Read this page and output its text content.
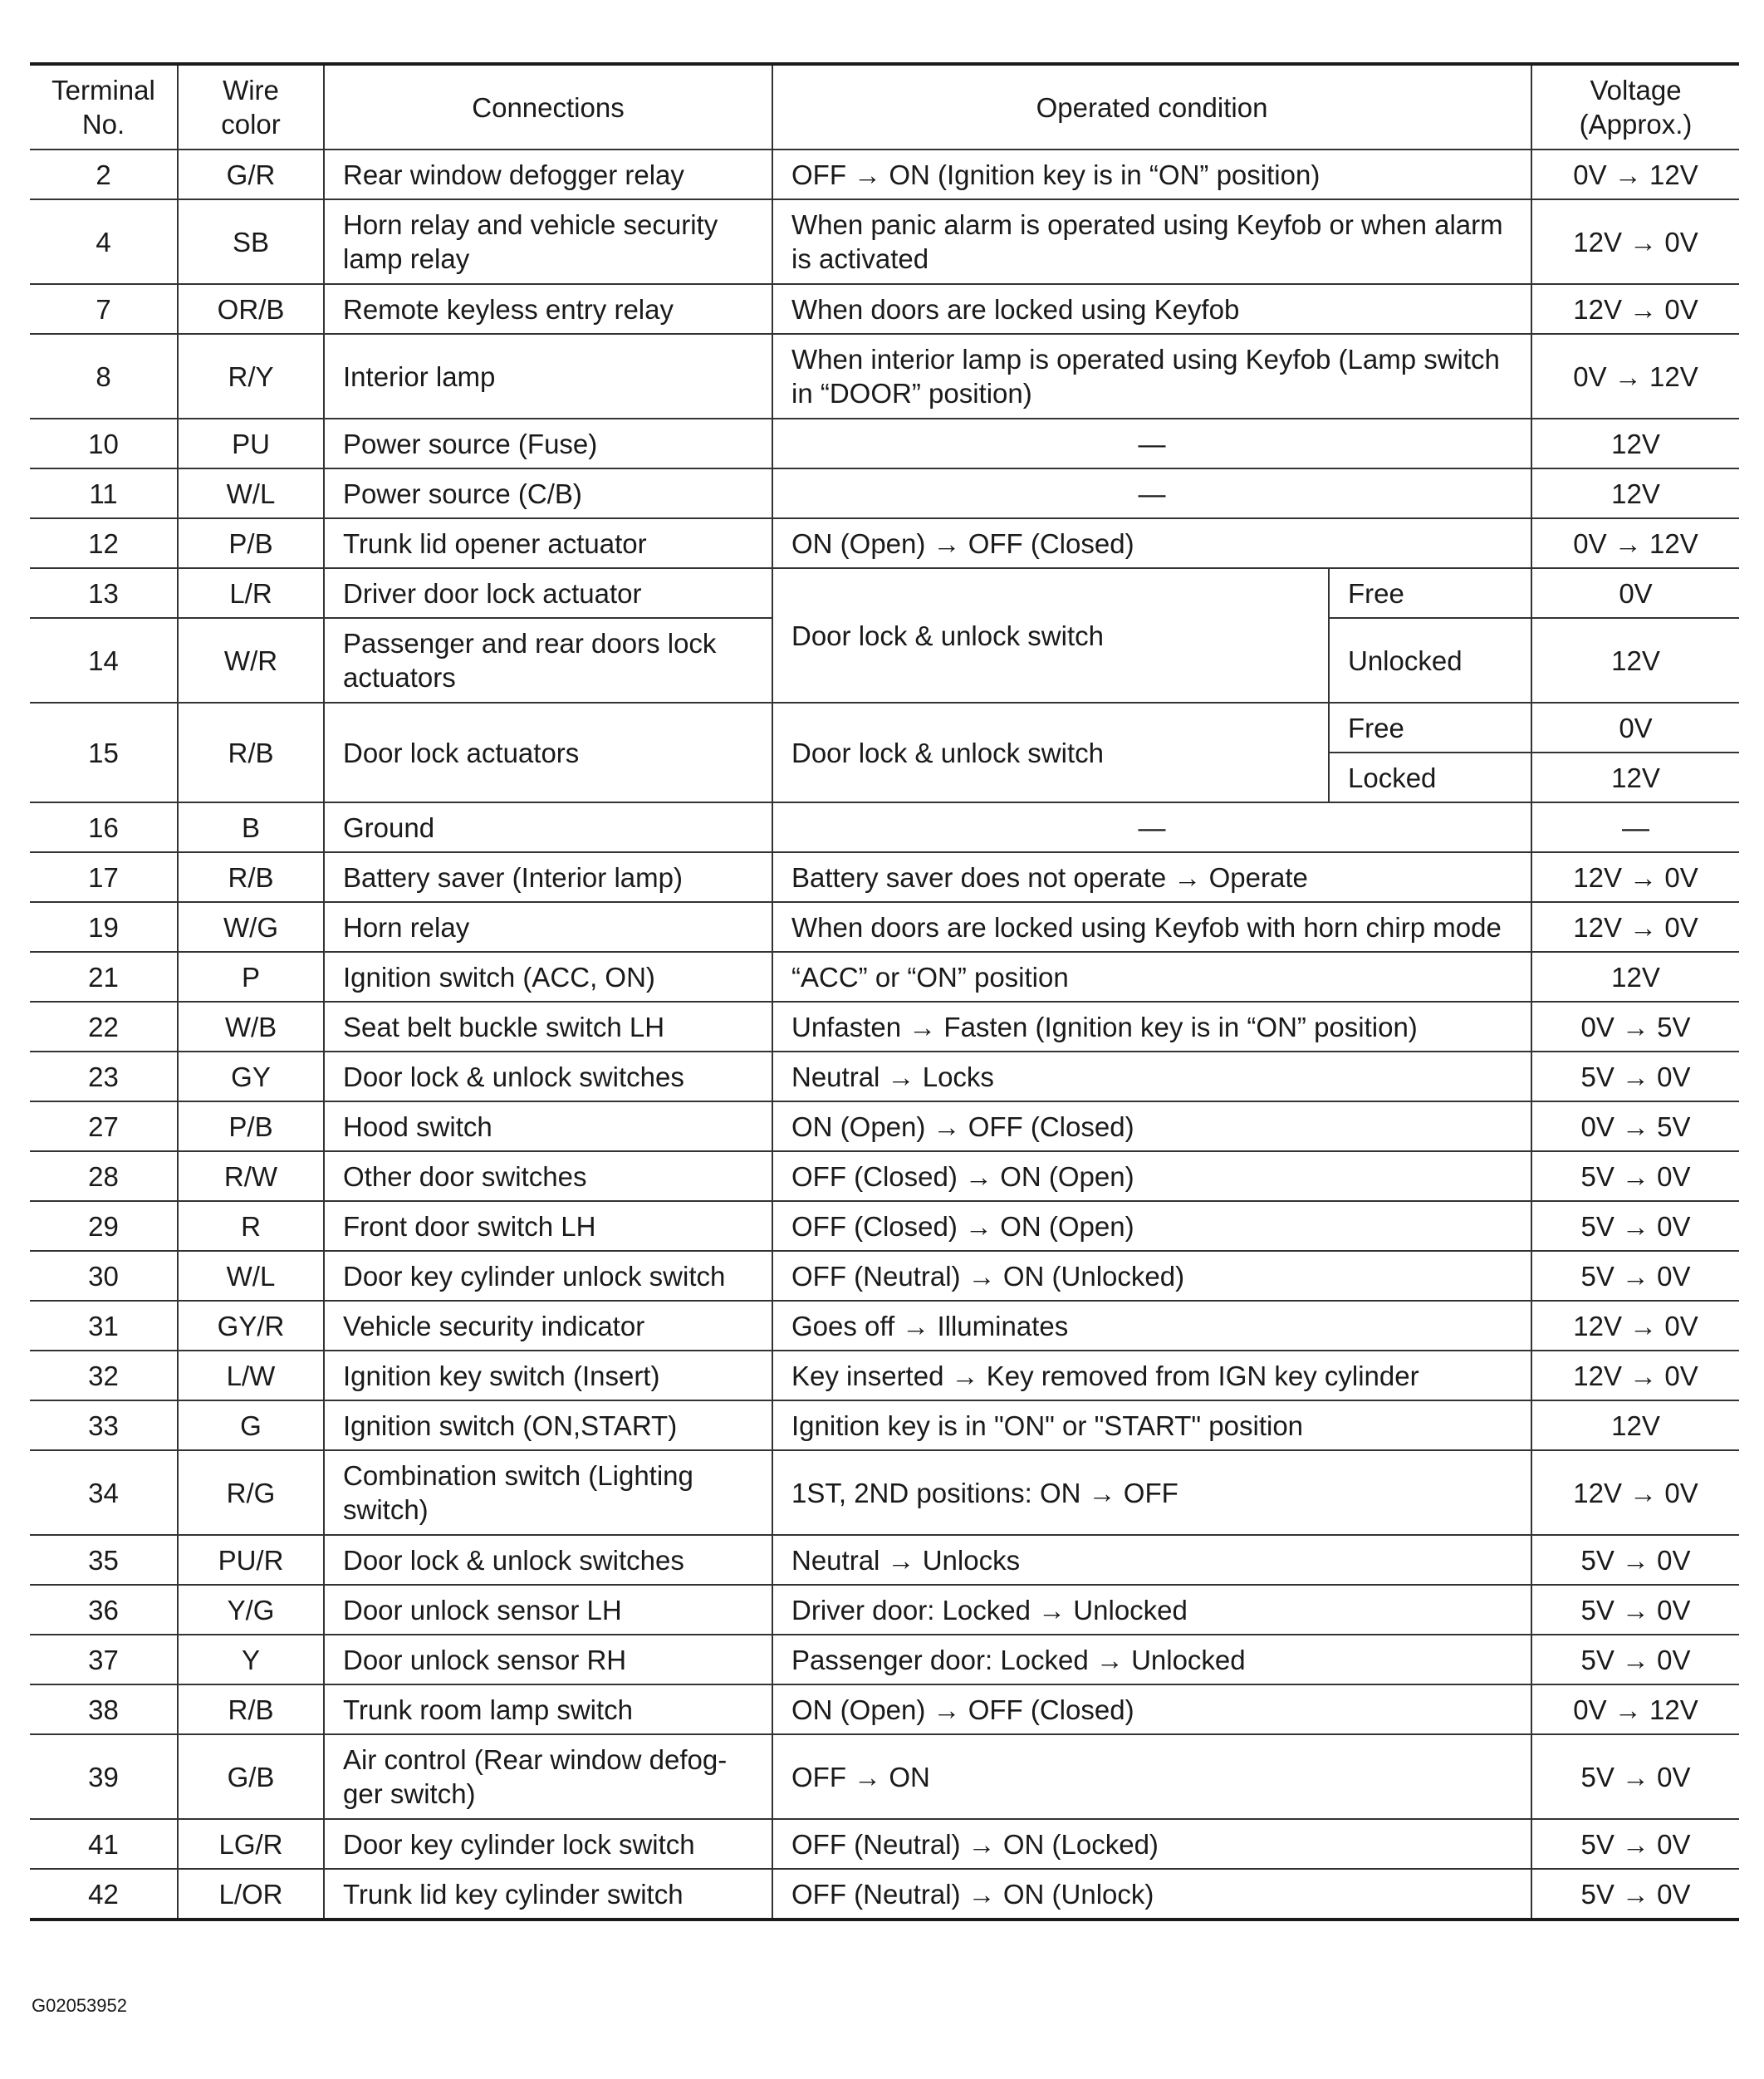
Terminal
No.	Wire
color	Connections	Operated condition		Voltage
(Approx.)
2	G/R	Rear window defogger relay	OFF → ON (Ignition key is in “ON” position)		0V → 12V
4	SB	Horn relay and vehicle security lamp relay	When panic alarm is operated using Keyfob or when alarm is activated		12V → 0V
7	OR/B	Remote keyless entry relay	When doors are locked using Keyfob		12V → 0V
8	R/Y	Interior lamp	When interior lamp is operated using Keyfob (Lamp switch in “DOOR” position)		0V → 12V
10	PU	Power source (Fuse)	—		12V
11	W/L	Power source (C/B)	—		12V
12	P/B	Trunk lid opener actuator	ON (Open) → OFF (Closed)		0V → 12V
13	L/R	Driver door lock actuator	Door lock & unlock switch	Free	0V
14	W/R	Passenger and rear doors lock actuators		Unlocked	12V
15	R/B	Door lock actuators	Door lock & unlock switch	Free	0V
				Locked	12V
16	B	Ground	—		—
17	R/B	Battery saver (Interior lamp)	Battery saver does not operate → Operate		12V → 0V
19	W/G	Horn relay	When doors are locked using Keyfob with horn chirp mode		12V → 0V
21	P	Ignition switch (ACC, ON)	“ACC” or “ON” position		12V
22	W/B	Seat belt buckle switch LH	Unfasten → Fasten (Ignition key is in “ON” position)		0V → 5V
23	GY	Door lock & unlock switches	Neutral → Locks		5V → 0V
27	P/B	Hood switch	ON (Open) → OFF (Closed)		0V → 5V
28	R/W	Other door switches	OFF (Closed) → ON (Open)		5V → 0V
29	R	Front door switch LH	OFF (Closed) → ON (Open)		5V → 0V
30	W/L	Door key cylinder unlock switch	OFF (Neutral) → ON (Unlocked)		5V → 0V
31	GY/R	Vehicle security indicator	Goes off → Illuminates		12V → 0V
32	L/W	Ignition key switch (Insert)	Key inserted → Key removed from IGN key cylinder		12V → 0V
33	G	Ignition switch (ON,START)	Ignition key is in "ON" or "START" position		12V
34	R/G	Combination switch (Lighting switch)	1ST, 2ND positions: ON → OFF		12V → 0V
35	PU/R	Door lock & unlock switches	Neutral → Unlocks		5V → 0V
36	Y/G	Door unlock sensor LH	Driver door: Locked → Unlocked		5V → 0V
37	Y	Door unlock sensor RH	Passenger door: Locked → Unlocked		5V → 0V
38	R/B	Trunk room lamp switch	ON (Open) → OFF (Closed)		0V → 12V
39	G/B	Air control (Rear window defog-ger switch)	OFF → ON		5V → 0V
41	LG/R	Door key cylinder lock switch	OFF (Neutral) → ON (Locked)		5V → 0V
42	L/OR	Trunk lid key cylinder switch	OFF (Neutral) → ON (Unlock)		5V → 0V
G02053952
